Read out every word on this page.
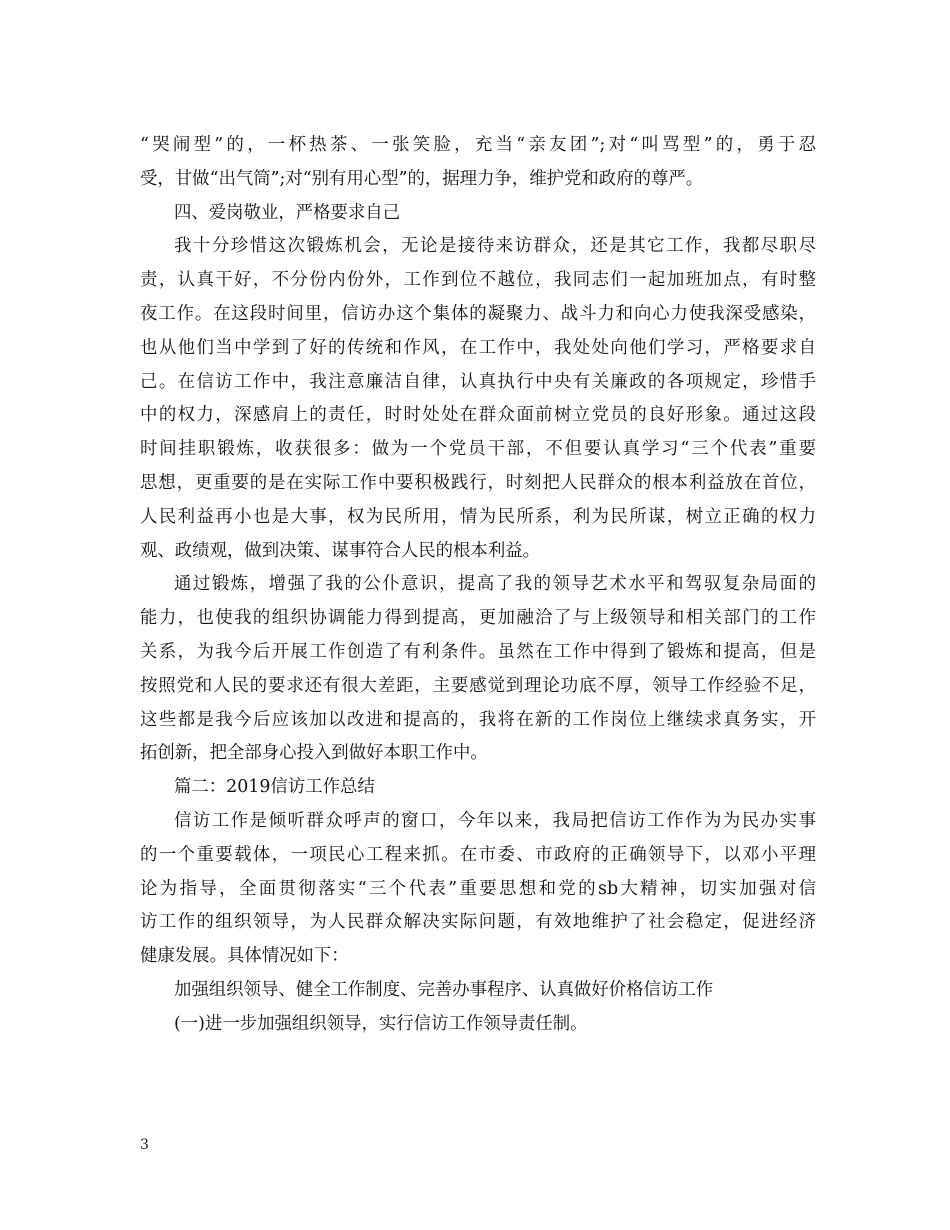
“哭闹型”的，一杯热茶、一张笑脸，充当“亲友团”;对“叫骂型”的，勇于忍
受，甘做“出气筒”;对“别有用心型”的，据理力争，维护党和政府的尊严。
四、爱岗敬业，严格要求自己
我十分珍惜这次锻炼机会，无论是接待来访群众，还是其它工作，我都尽职尽
责，认真干好，不分份内份外，工作到位不越位，我同志们一起加班加点，有时整
夜工作。在这段时间里，信访办这个集体的凝聚力、战斗力和向心力使我深受感染，
也从他们当中学到了好的传统和作风，在工作中，我处处向他们学习，严格要求自
己。在信访工作中，我注意廉洁自律，认真执行中央有关廉政的各项规定，珍惜手
中的权力，深感肩上的责任，时时处处在群众面前树立党员的良好形象。通过这段
时间挂职锻炼，收获很多：做为一个党员干部，不但要认真学习“三个代表”重要
思想，更重要的是在实际工作中要积极践行，时刻把人民群众的根本利益放在首位，
人民利益再小也是大事，权为民所用，情为民所系，利为民所谋，树立正确的权力
观、政绩观，做到决策、谋事符合人民的根本利益。
通过锻炼，增强了我的公仆意识，提高了我的领导艺术水平和驾驭复杂局面的
能力，也使我的组织协调能力得到提高，更加融洽了与上级领导和相关部门的工作
关系，为我今后开展工作创造了有利条件。虽然在工作中得到了锻炼和提高，但是
按照党和人民的要求还有很大差距，主要感觉到理论功底不厚，领导工作经验不足，
这些都是我今后应该加以改进和提高的，我将在新的工作岗位上继续求真务实，开
拓创新，把全部身心投入到做好本职工作中。
篇二：2019信访工作总结
信访工作是倾听群众呼声的窗口，今年以来，我局把信访工作作为为民办实事
的一个重要载体，一项民心工程来抓。在市委、市政府的正确领导下，以邓小平理
论为指导，全面贯彻落实“三个代表”重要思想和党的sb大精神，切实加强对信
访工作的组织领导，为人民群众解决实际问题，有效地维护了社会稳定，促进经济
健康发展。具体情况如下：
加强组织领导、健全工作制度、完善办事程序、认真做好价格信访工作
(一)进一步加强组织领导，实行信访工作领导责任制。
3
